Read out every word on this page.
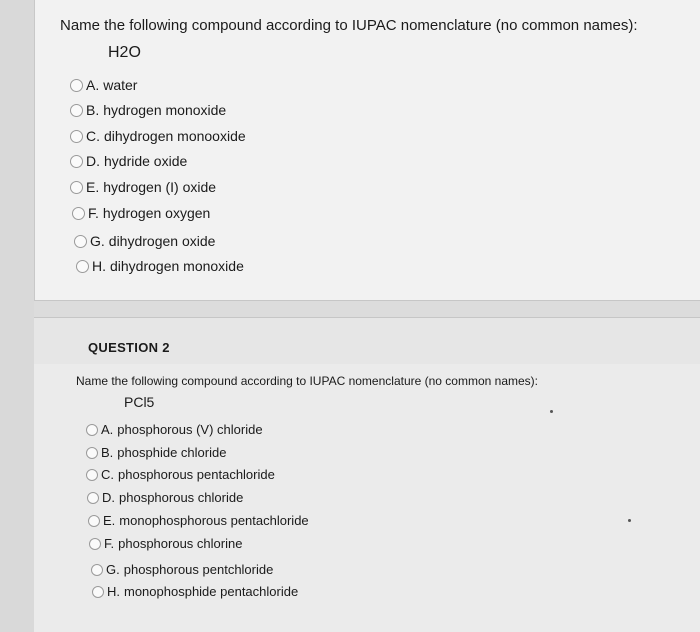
Name the following compound according to IUPAC nomenclature (no common names):
H2O
A. water
B. hydrogen monoxide
C. dihydrogen monooxide
D. hydride oxide
E. hydrogen (I) oxide
F. hydrogen oxygen
G. dihydrogen oxide
H. dihydrogen monoxide
QUESTION 2
Name the following compound according to IUPAC nomenclature (no common names):
PCl5
A. phosphorous (V) chloride
B. phosphide chloride
C. phosphorous pentachloride
D. phosphorous chloride
E. monophosphorous pentachloride
F. phosphorous chlorine
G. phosphorous pentchloride
H. monophosphide pentachloride
